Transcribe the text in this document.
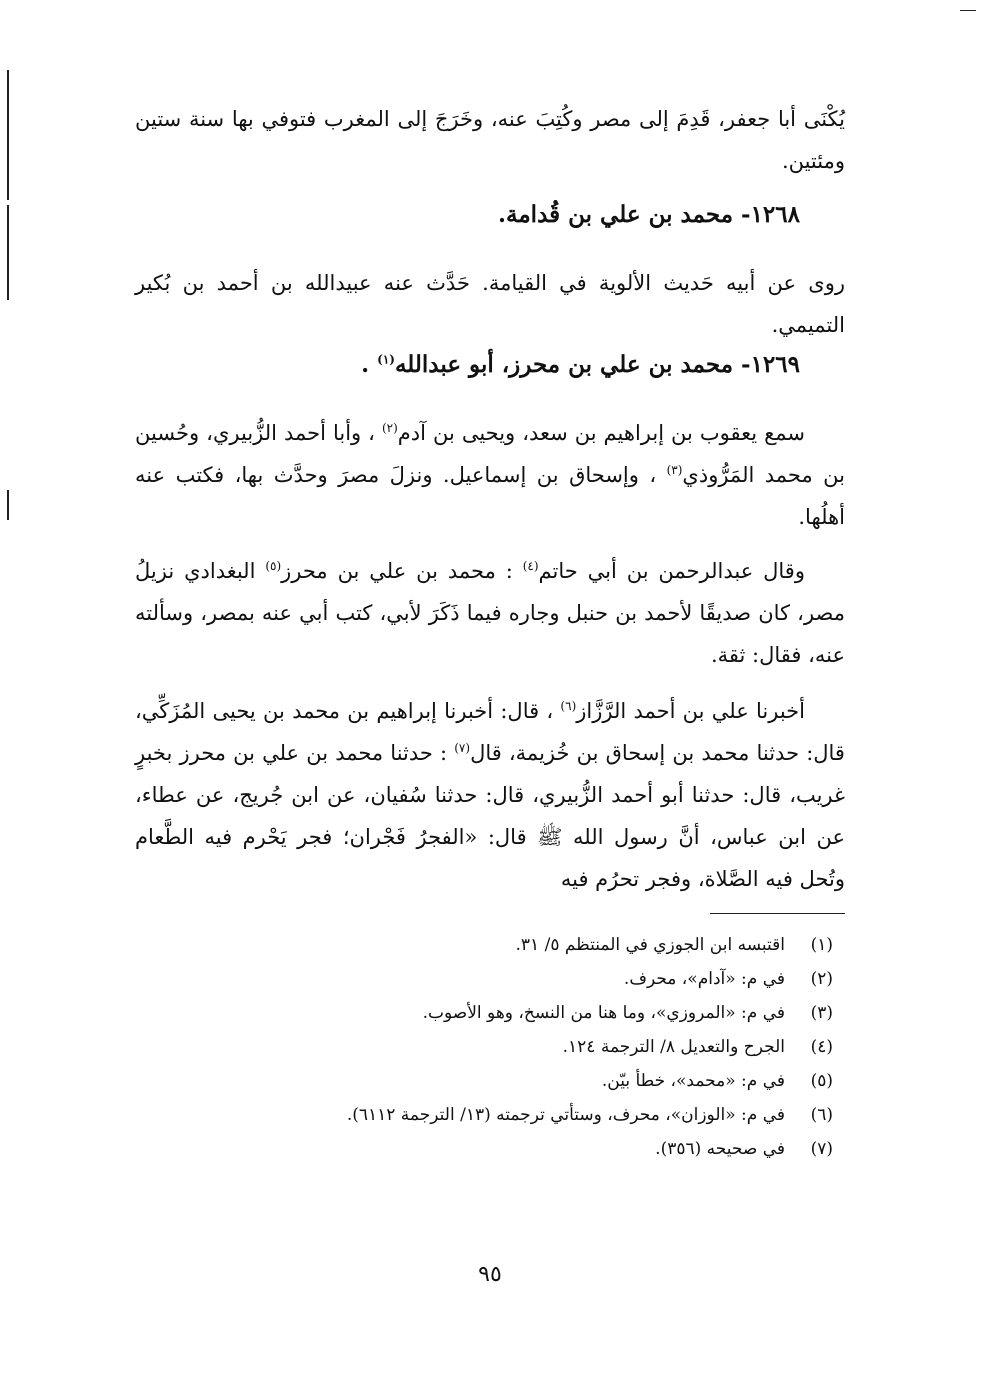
يُكْنَى أبا جعفر، قَدِمَ إلى مصر وكُتِبَ عنه، وخَرَجَ إلى المغرب فتوفي بها سنة ستين ومئتين.

١٢٦٨- محمد بن علي بن قُدامة.

روى عن أبيه حَديث الألوية في القيامة. حَدَّث عنه عبيدالله بن أحمد بن بُكير التميمي.

١٢٦٩- محمد بن علي بن محرز، أبو عبدالله$^{(١)}$ .

سمع يعقوب بن إبراهيم بن سعد، ويحيى بن آدم$^{(٢)}$ ، وأبا أحمد الزُّبيري، وحُسين بن محمد المَرُّوذي$^{(٣)}$ ، وإسحاق بن إسماعيل. ونزلَ مصرَ وحدَّث بها، فكتب عنه أهلُها.

وقال عبدالرحمن بن أبي حاتم$^{(٤)}$ : محمد بن علي بن محرز$^{(٥)}$ البغدادي نزيلُ مصر، كان صديقًا لأحمد بن حنبل وجاره فيما ذَكَرَ لأبي، كتب أبي عنه بمصر، وسألته عنه، فقال: ثقة.

أخبرنا علي بن أحمد الرَّزَّاز$^{(٦)}$ ، قال: أخبرنا إبراهيم بن محمد بن يحيى المُزَكِّي، قال: حدثنا محمد بن إسحاق بن خُزيمة، قال$^{(٧)}$ : حدثنا محمد بن علي بن محرز بخبرٍ غريب، قال: حدثنا أبو أحمد الزُّبيري، قال: حدثنا سُفيان، عن ابن جُريج، عن عطاء، عن ابن عباس، أنَّ رسول الله ﷺ قال: «الفجرُ فَجْران؛ فجر يَحْرم فيه الطَّعام وتُحل فيه الصَّلاة، وفجر تحرُم فيه

(١)
اقتبسه ابن الجوزي في المنتظم ٥/ ٣١.
(٢)
في م: «آدام»، محرف.
(٣)
في م: «المروزي»، وما هنا من النسخ، وهو الأصوب.
(٤)
الجرح والتعديل ٨/ الترجمة ١٢٤.
(٥)
في م: «محمد»، خطأ بيّن.
(٦)
في م: «الوزان»، محرف، وستأتي ترجمته (١٣/ الترجمة ٦١١٢).
(٧)
في صحيحه (٣٥٦).
٩٥
